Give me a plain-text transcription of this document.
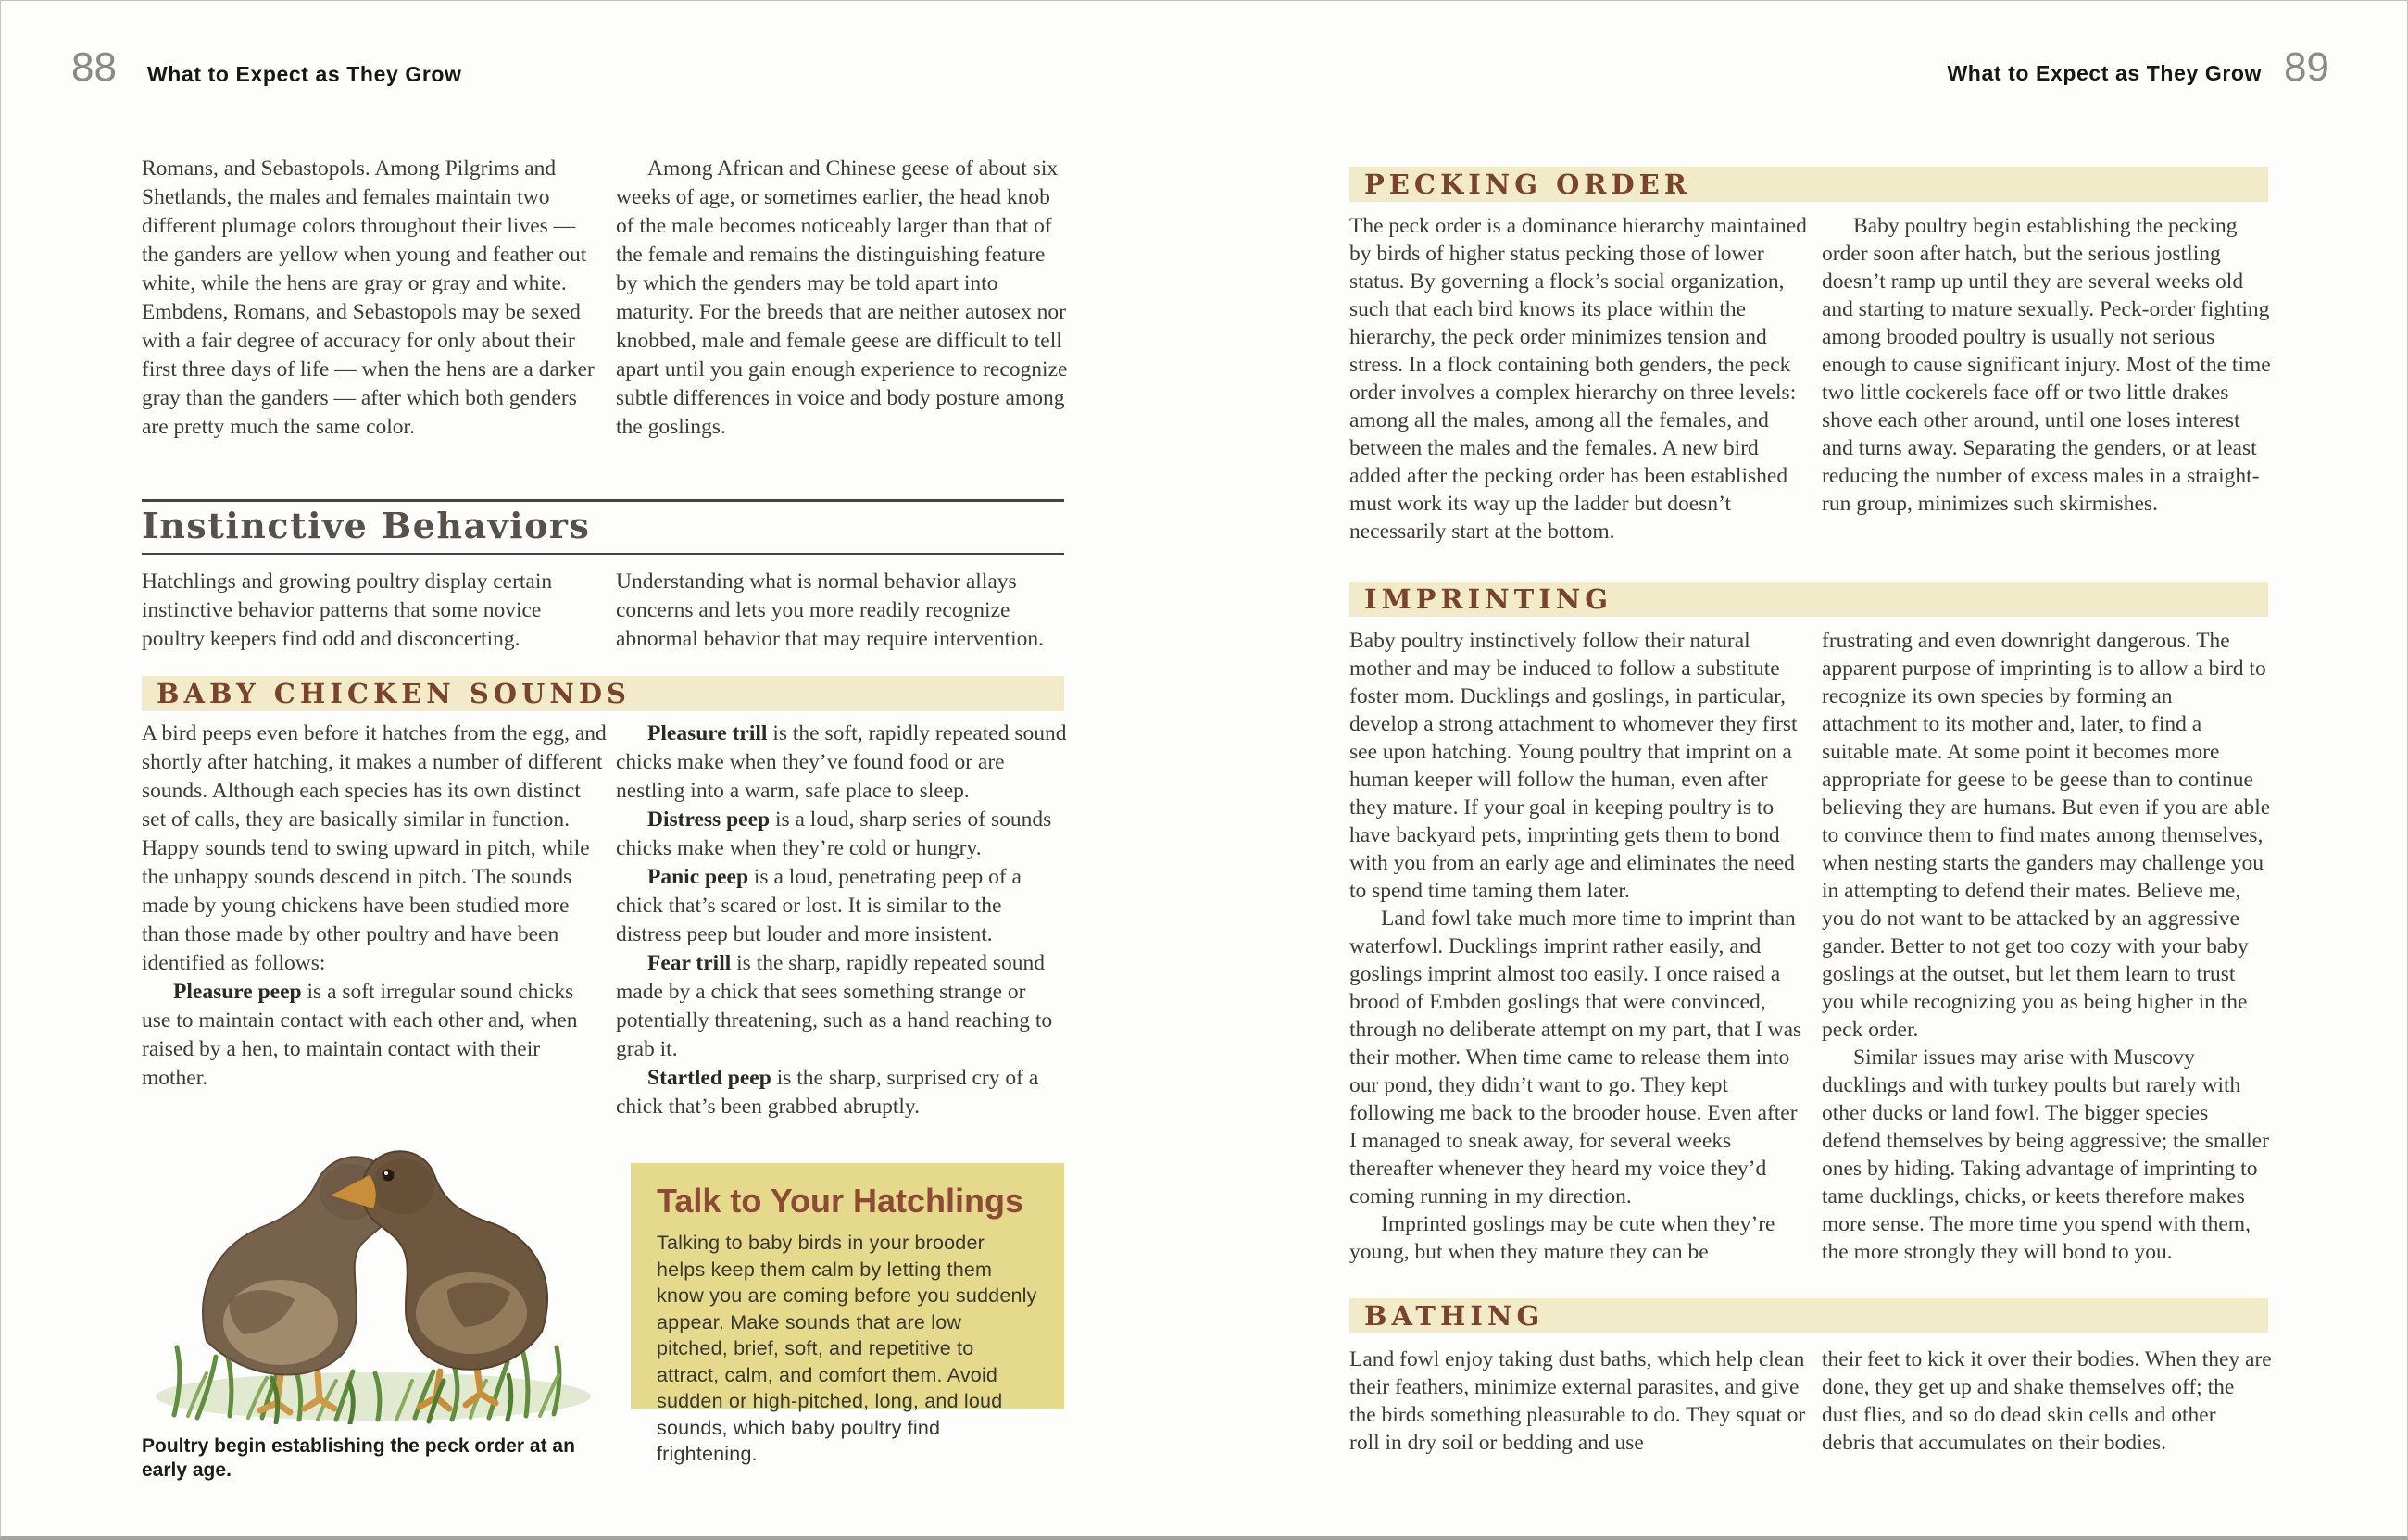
88 What to Expect as They Grow

Romans, and Sebastopols. Among Pilgrims and Shetlands, the males and females maintain two different plumage colors throughout their lives — the ganders are yellow when young and feather out white, while the hens are gray or gray and white. Embdens, Romans, and Sebastopols may be sexed with a fair degree of accuracy for only about their first three days of life — when the hens are a darker gray than the ganders — after which both genders are pretty much the same color.

Among African and Chinese geese of about six weeks of age, or sometimes earlier, the head knob of the male becomes noticeably larger than that of the female and remains the distinguishing feature by which the genders may be told apart into maturity. For the breeds that are neither autosex nor knobbed, male and female geese are difficult to tell apart until you gain enough experience to recognize subtle differences in voice and body posture among the goslings.

Instinctive Behaviors

Hatchlings and growing poultry display certain instinctive behavior patterns that some novice poultry keepers find odd and disconcerting.

Understanding what is normal behavior allays concerns and lets you more readily recognize abnormal behavior that may require intervention.

BABY CHICKEN SOUNDS

A bird peeps even before it hatches from the egg, and shortly after hatching, it makes a number of different sounds. Although each species has its own distinct set of calls, they are basically similar in function. Happy sounds tend to swing upward in pitch, while the unhappy sounds descend in pitch. The sounds made by young chickens have been studied more than those made by other poultry and have been identified as follows:

Pleasure peep is a soft irregular sound chicks use to maintain contact with each other and, when raised by a hen, to maintain contact with their mother.

Pleasure trill is the soft, rapidly repeated sound chicks make when they’ve found food or are nestling into a warm, safe place to sleep.

Distress peep is a loud, sharp series of sounds chicks make when they’re cold or hungry.

Panic peep is a loud, penetrating peep of a chick that’s scared or lost. It is similar to the distress peep but louder and more insistent.

Fear trill is the sharp, rapidly repeated sound made by a chick that sees something strange or potentially threatening, such as a hand reaching to grab it.

Startled peep is the sharp, surprised cry of a chick that’s been grabbed abruptly.

Poultry begin establishing the peck order at an early age.
Talk to Your Hatchlings

Talking to baby birds in your brooder helps keep them calm by letting them know you are coming before you suddenly appear. Make sounds that are low pitched, brief, soft, and repetitive to attract, calm, and comfort them. Avoid sudden or high-pitched, long, and loud sounds, which baby poultry find frightening.

What to Expect as They Grow 89
PECKING ORDER

The peck order is a dominance hierarchy maintained by birds of higher status pecking those of lower status. By governing a flock’s social organization, such that each bird knows its place within the hierarchy, the peck order minimizes tension and stress. In a flock containing both genders, the peck order involves a complex hierarchy on three levels: among all the males, among all the females, and between the males and the females. A new bird added after the pecking order has been established must work its way up the ladder but doesn’t necessarily start at the bottom.

Baby poultry begin establishing the pecking order soon after hatch, but the serious jostling doesn’t ramp up until they are several weeks old and starting to mature sexually. Peck-order fighting among brooded poultry is usually not serious enough to cause significant injury. Most of the time two little cockerels face off or two little drakes shove each other around, until one loses interest and turns away. Separating the genders, or at least reducing the number of excess males in a straight-run group, minimizes such skirmishes.

IMPRINTING

Baby poultry instinctively follow their natural mother and may be induced to follow a substitute foster mom. Ducklings and goslings, in particular, develop a strong attachment to whomever they first see upon hatching. Young poultry that imprint on a human keeper will follow the human, even after they mature. If your goal in keeping poultry is to have backyard pets, imprinting gets them to bond with you from an early age and eliminates the need to spend time taming them later.

Land fowl take much more time to imprint than waterfowl. Ducklings imprint rather easily, and goslings imprint almost too easily. I once raised a brood of Embden goslings that were convinced, through no deliberate attempt on my part, that I was their mother. When time came to release them into our pond, they didn’t want to go. They kept following me back to the brooder house. Even after I managed to sneak away, for several weeks thereafter whenever they heard my voice they’d coming running in my direction.

Imprinted goslings may be cute when they’re young, but when they mature they can be

frustrating and even downright dangerous. The apparent purpose of imprinting is to allow a bird to recognize its own species by forming an attachment to its mother and, later, to find a suitable mate. At some point it becomes more appropriate for geese to be geese than to continue believing they are humans. But even if you are able to convince them to find mates among themselves, when nesting starts the ganders may challenge you in attempting to defend their mates. Believe me, you do not want to be attacked by an aggressive gander. Better to not get too cozy with your baby goslings at the outset, but let them learn to trust you while recognizing you as being higher in the peck order.

Similar issues may arise with Muscovy ducklings and with turkey poults but rarely with other ducks or land fowl. The bigger species defend themselves by being aggressive; the smaller ones by hiding. Taking advantage of imprinting to tame ducklings, chicks, or keets therefore makes more sense. The more time you spend with them, the more strongly they will bond to you.

BATHING

Land fowl enjoy taking dust baths, which help clean their feathers, minimize external parasites, and give the birds something pleasurable to do. They squat or roll in dry soil or bedding and use

their feet to kick it over their bodies. When they are done, they get up and shake themselves off; the dust flies, and so do dead skin cells and other debris that accumulates on their bodies.
